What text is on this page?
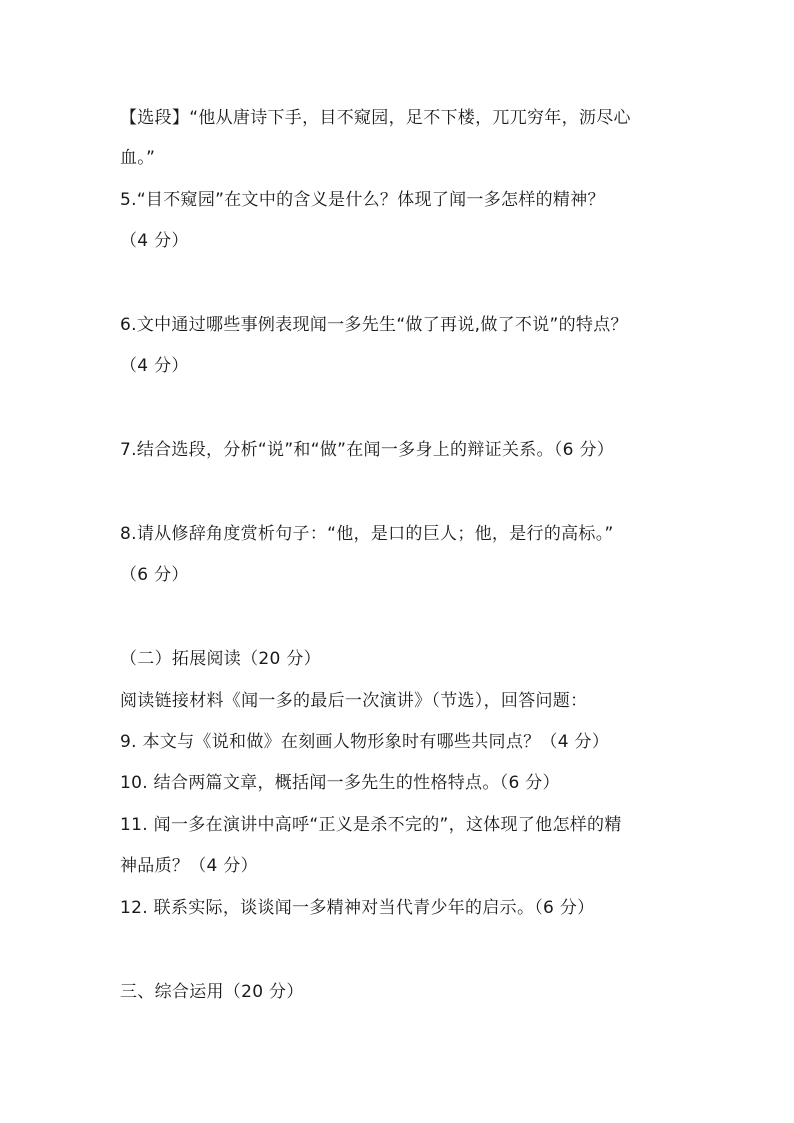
【选段】“他从唐诗下手，目不窥园，足不下楼，兀兀穷年，沥尽心
血。”
5.“目不窥园”在文中的含义是什么？体现了闻一多怎样的精神？
（4 分）
6.文中通过哪些事例表现闻一多先生“做了再说,做了不说”的特点？
（4 分）
7.结合选段，分析“说”和“做”在闻一多身上的辩证关系。（6 分）
8.请从修辞角度赏析句子：“他，是口的巨人；他，是行的高标。”
（6 分）
（二）拓展阅读（20 分）
阅读链接材料《闻一多的最后一次演讲》（节选），回答问题：
9. 本文与《说和做》在刻画人物形象时有哪些共同点？（4 分）
10. 结合两篇文章，概括闻一多先生的性格特点。（6 分）
11. 闻一多在演讲中高呼“正义是杀不完的”，这体现了他怎样的精
神品质？（4 分）
12. 联系实际，谈谈闻一多精神对当代青少年的启示。（6 分）
三、综合运用（20 分）
